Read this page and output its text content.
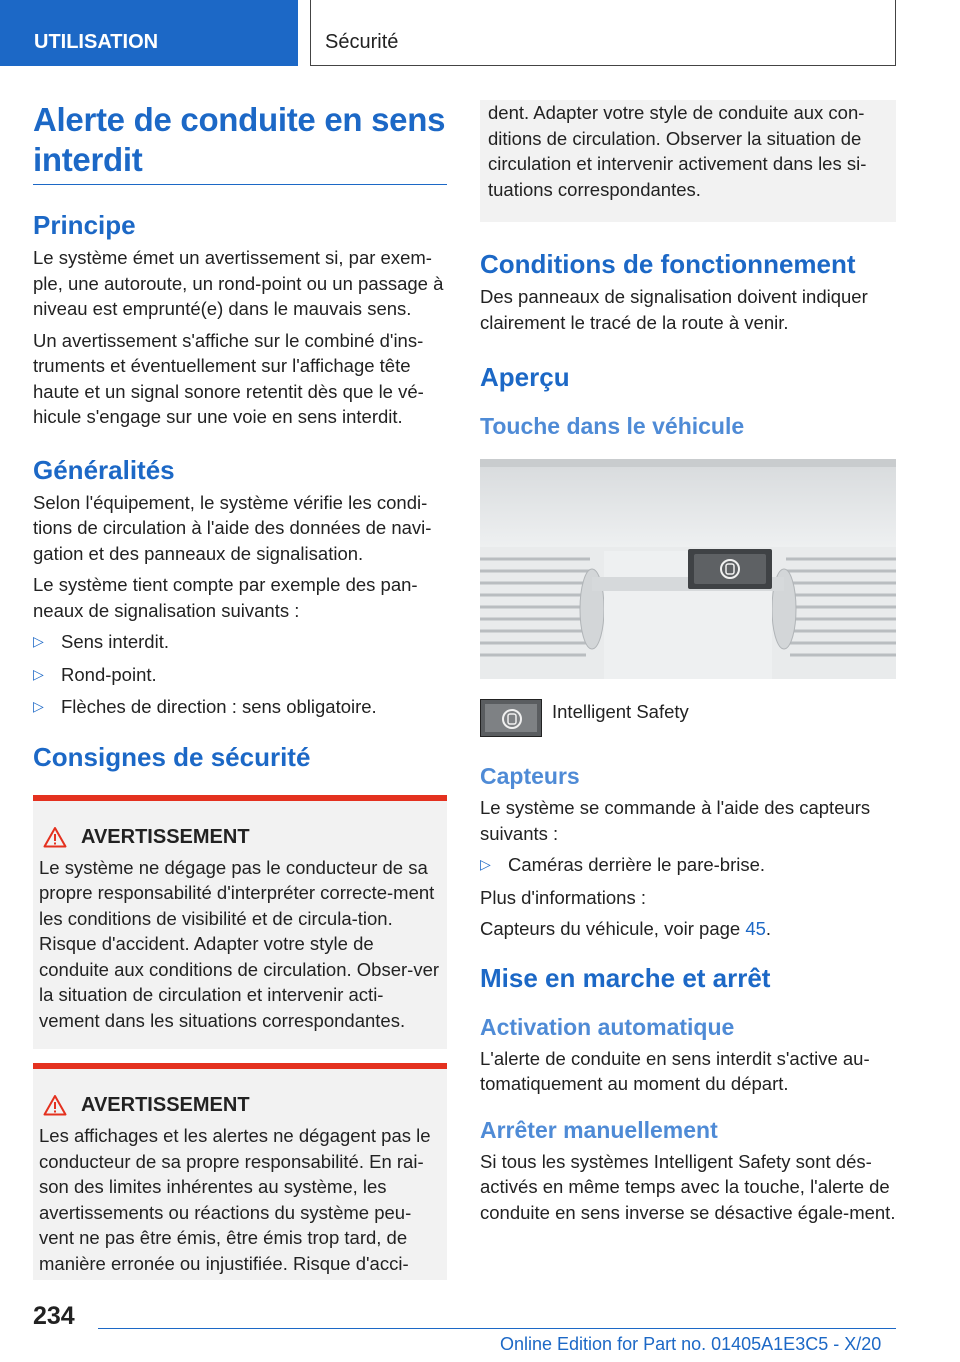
UTILISATION	Sécurité
Alerte de conduite en sens interdit
Principe

Le système émet un avertissement si, par exem-ple, une autoroute, un rond-point ou un passage à niveau est emprunté(e) dans le mauvais sens.

Un avertissement s'affiche sur le combiné d'ins-truments et éventuellement sur l'affichage tête haute et un signal sonore retentit dès que le vé-hicule s'engage sur une voie en sens interdit.

Généralités

Selon l'équipement, le système vérifie les condi-tions de circulation à l'aide des données de navi-gation et des panneaux de signalisation.

Le système tient compte par exemple des pan-neaux de signalisation suivants :

▷ Sens interdit.
▷ Rond-point.
▷ Flèches de direction : sens obligatoire.
Consignes de sécurité
AVERTISSEMENT

Le système ne dégage pas le conducteur de sa propre responsabilité d'interpréter correcte-ment les conditions de visibilité et de circula-tion. Risque d'accident. Adapter votre style de conduite aux conditions de circulation. Obser-ver la situation de circulation et intervenir acti-vement dans les situations correspondantes.

AVERTISSEMENT

Les affichages et les alertes ne dégagent pas le conducteur de sa propre responsabilité. En rai-son des limites inhérentes au système, les avertissements ou réactions du système peu-vent ne pas être émis, être émis trop tard, de manière erronée ou injustifiée. Risque d'acci-

dent. Adapter votre style de conduite aux con-ditions de circulation. Observer la situation de circulation et intervenir activement dans les si-tuations correspondantes.

Conditions de fonctionnement

Des panneaux de signalisation doivent indiquer clairement le tracé de la route à venir.

Aperçu
Touche dans le véhicule

Intelligent Safety

Capteurs

Le système se commande à l'aide des capteurs suivants :

▷ Caméras derrière le pare-brise.

Plus d'informations :

Capteurs du véhicule, voir page 45.

Mise en marche et arrêt
Activation automatique

L'alerte de conduite en sens interdit s'active au-tomatiquement au moment du départ.

Arrêter manuellement

Si tous les systèmes Intelligent Safety sont dés-activés en même temps avec la touche, l'alerte de conduite en sens inverse se désactive égale-ment.

234
Online Edition for Part no. 01405A1E3C5 - X/20
